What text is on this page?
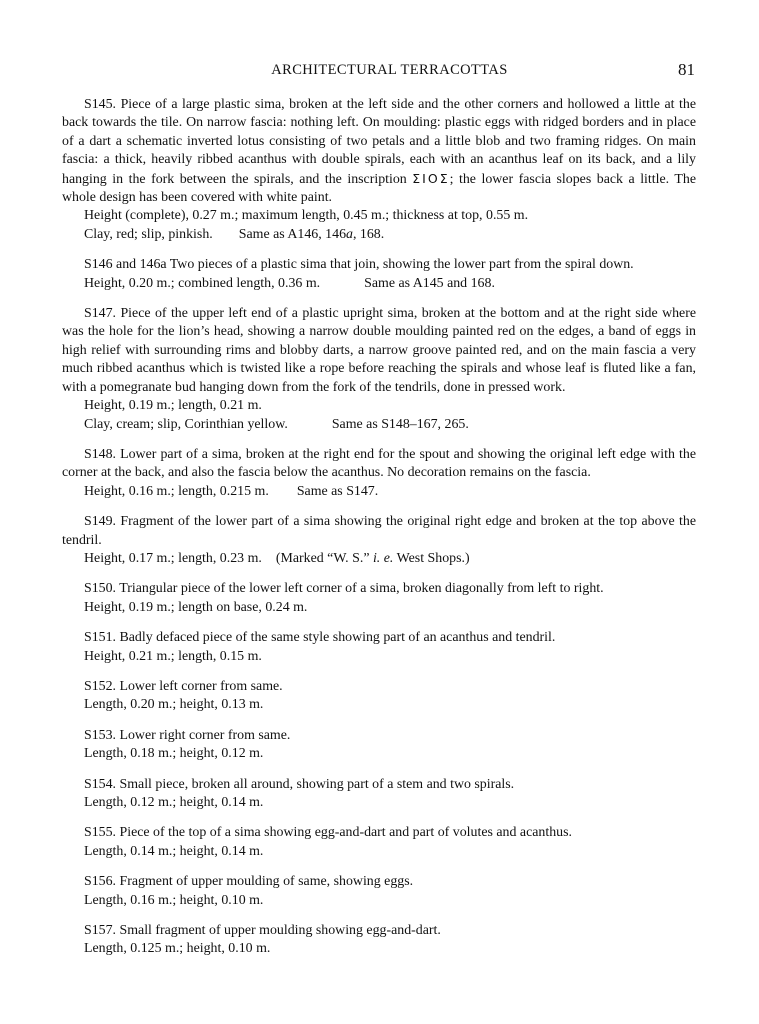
ARCHITECTURAL TERRACOTTAS	81

S145. Piece of a large plastic sima, broken at the left side and the other corners and hollowed a little at the back towards the tile. On narrow fascia: nothing left. On moulding: plastic eggs with ridged borders and in place of a dart a schematic inverted lotus consisting of two petals and a little blob and two framing ridges. On main fascia: a thick, heavily ribbed acanthus with double spirals, each with an acanthus leaf on its back, and a lily hanging in the fork between the spirals, and the inscription ΣΙΟΣ; the lower fascia slopes back a little. The whole design has been covered with white paint.

Height (complete), 0.27 m.; maximum length, 0.45 m.; thickness at top, 0.55 m.

Clay, red; slip, pinkish. Same as A146, 146a, 168.

S146 and 146a Two pieces of a plastic sima that join, showing the lower part from the spiral down.

Height, 0.20 m.; combined length, 0.36 m.	Same as A145 and 168.

S147. Piece of the upper left end of a plastic upright sima, broken at the bottom and at the right side where was the hole for the lion’s head, showing a narrow double moulding painted red on the edges, a band of eggs in high relief with surrounding rims and blobby darts, a narrow groove painted red, and on the main fascia a very much ribbed acanthus which is twisted like a rope before reaching the spirals and whose leaf is fluted like a fan, with a pomegranate bud hanging down from the fork of the tendrils, done in pressed work.

Height, 0.19 m.; length, 0.21 m.

Clay, cream; slip, Corinthian yellow.	Same as S148–167, 265.

S148. Lower part of a sima, broken at the right end for the spout and showing the original left edge with the corner at the back, and also the fascia below the acanthus. No decoration remains on the fascia.

Height, 0.16 m.; length, 0.215 m. Same as S147.

S149. Fragment of the lower part of a sima showing the original right edge and broken at the top above the tendril.

Height, 0.17 m.; length, 0.23 m. (Marked “W. S.” i. e. West Shops.)

S150. Triangular piece of the lower left corner of a sima, broken diagonally from left to right.

Height, 0.19 m.; length on base, 0.24 m.

S151. Badly defaced piece of the same style showing part of an acanthus and tendril.

Height, 0.21 m.; length, 0.15 m.

S152. Lower left corner from same.

Length, 0.20 m.; height, 0.13 m.

S153. Lower right corner from same.

Length, 0.18 m.; height, 0.12 m.

S154. Small piece, broken all around, showing part of a stem and two spirals.

Length, 0.12 m.; height, 0.14 m.

S155. Piece of the top of a sima showing egg-and-dart and part of volutes and acanthus.

Length, 0.14 m.; height, 0.14 m.

S156. Fragment of upper moulding of same, showing eggs.

Length, 0.16 m.; height, 0.10 m.

S157. Small fragment of upper moulding showing egg-and-dart.

Length, 0.125 m.; height, 0.10 m.
